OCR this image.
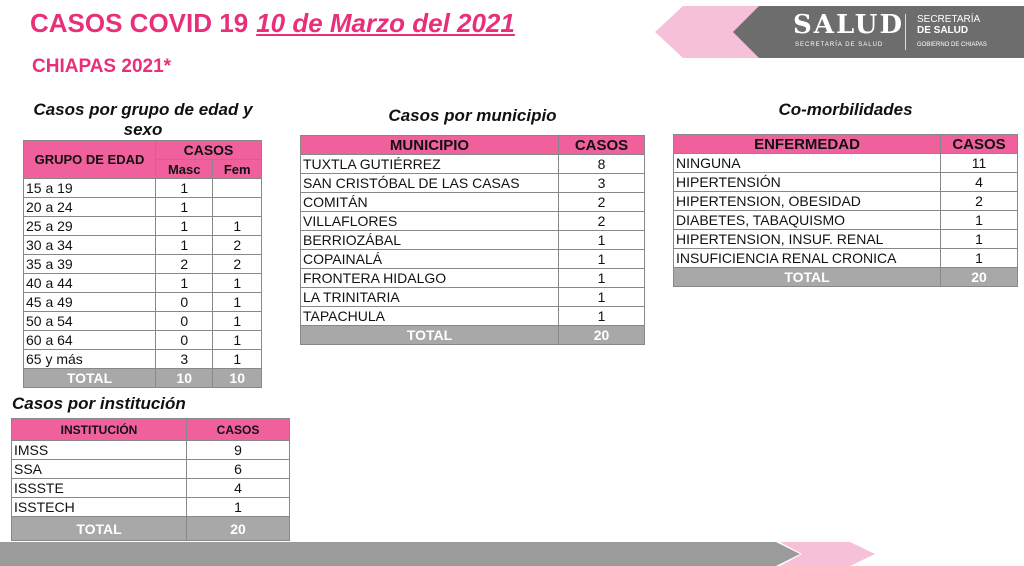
CASOS COVID 19 10 de Marzo del 2021
CHIAPAS 2021*
SALUD
SECRETARÍA DE SALUD
SECRETARÍA
DE SALUD
GOBIERNO DE CHIAPAS
Casos por grupo de edad y sexo
GRUPO DE EDAD	CASOS	
	Masc	Fem
15 a 19	1	
20 a 24	1	
25 a 29	1	1
30 a 34	1	2
35 a 39	2	2
40 a 44	1	1
45 a 49	0	1
50 a 54	0	1
60 a 64	0	1
65 y más	3	1
TOTAL	10	10
Casos por municipio
MUNICIPIO	CASOS
TUXTLA GUTIÉRREZ	8
SAN CRISTÓBAL DE LAS CASAS	3
COMITÁN	2
VILLAFLORES	2
BERRIOZÁBAL	1
COPAINALÁ	1
FRONTERA HIDALGO	1
LA TRINITARIA	1
TAPACHULA	1
TOTAL	20
Co-morbilidades
ENFERMEDAD	CASOS
NINGUNA	11
HIPERTENSIÓN	4
HIPERTENSION, OBESIDAD	2
DIABETES, TABAQUISMO	1
HIPERTENSION, INSUF. RENAL	1
INSUFICIENCIA RENAL CRONICA	1
TOTAL	20
Casos por institución
INSTITUCIÓN	CASOS
IMSS	9
SSA	6
ISSSTE	4
ISSTECH	1
TOTAL	20
